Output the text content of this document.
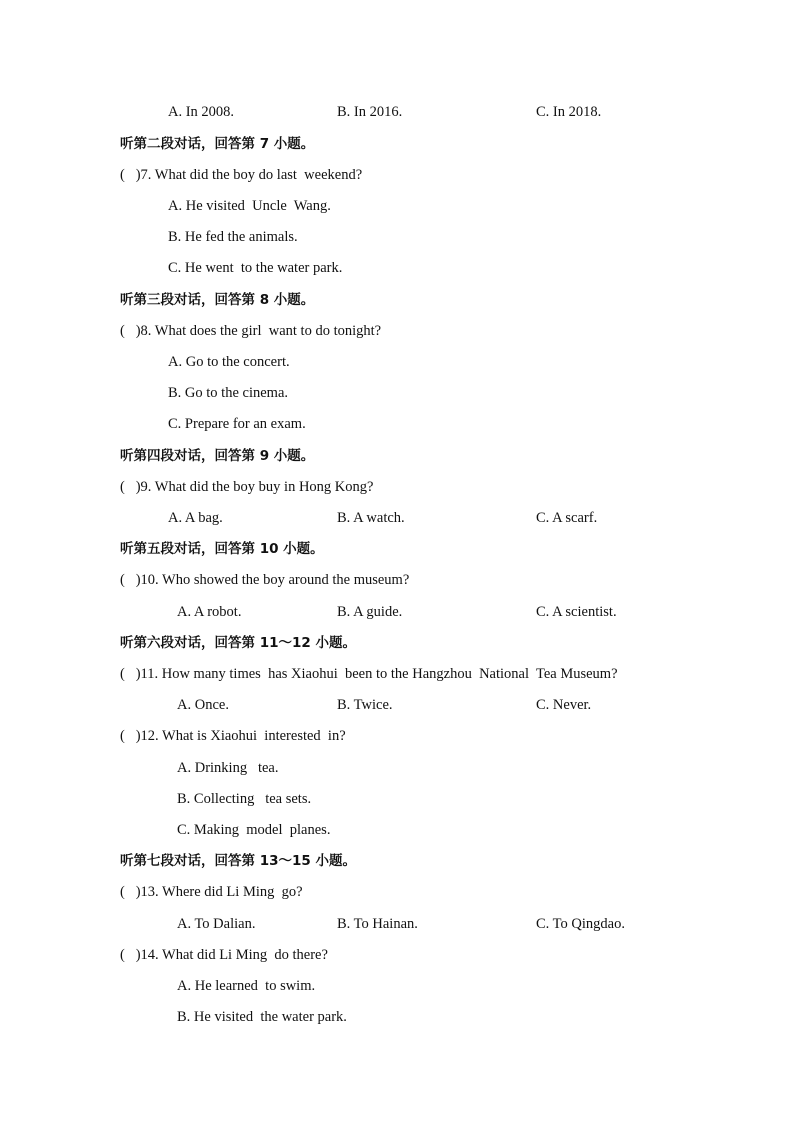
A. In 2008.	B. In 2016.	C. In 2018.
听第二段对话，回答第 7 小题。
(   )7. What did the boy do last  weekend?
A. He visited  Uncle  Wang.
B. He fed the animals.
C. He went  to the water park.
听第三段对话，回答第 8 小题。
(   )8. What does the girl  want to do tonight?
A. Go to the concert.
B. Go to the cinema.
C. Prepare for an exam.
听第四段对话，回答第 9 小题。
(   )9. What did the boy buy in Hong Kong?
A. A bag.	B. A watch.	C. A scarf.
听第五段对话，回答第 10 小题。
(   )10. Who showed the boy around the museum?
A. A robot.	B. A guide.	C. A scientist.
听第六段对话，回答第 11～12 小题。
(   )11. How many times  has Xiaohui  been to the Hangzhou  National  Tea Museum?
A. Once.	B. Twice.	C. Never.
(   )12. What is Xiaohui  interested  in?
A. Drinking   tea.
B. Collecting   tea sets.
C. Making  model  planes.
听第七段对话，回答第 13～15 小题。
(   )13. Where did Li Ming  go?
A. To Dalian.	B. To Hainan.	C. To Qingdao.
(   )14. What did Li Ming  do there?
A. He learned  to swim.
B. He visited  the water park.
